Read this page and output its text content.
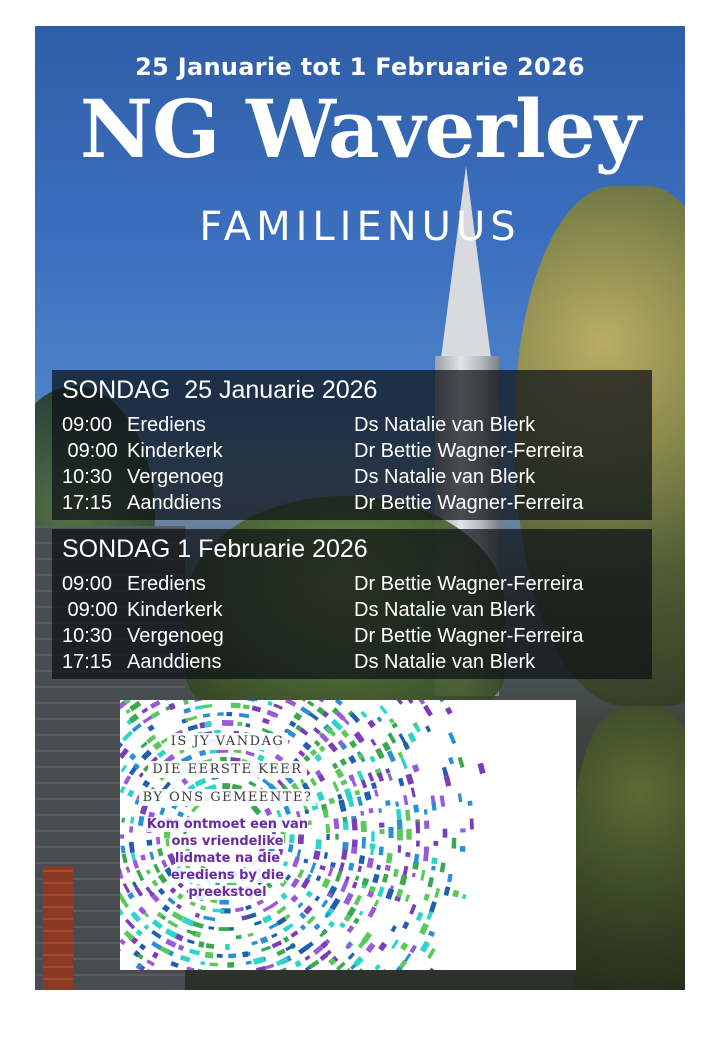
25 Januarie tot 1 Februarie 2026
NG Waverley
FAMILIENUUS
SONDAG  25 Januarie 2026
09:00 Erediens	Ds Natalie van Blerk
09:00 Kinderkerk	Dr Bettie Wagner-Ferreira
10:30 Vergenoeg	Ds Natalie van Blerk
17:15 Aanddiens	Dr Bettie Wagner-Ferreira
SONDAG 1 Februarie 2026
09:00 Erediens	Dr Bettie Wagner-Ferreira
09:00 Kinderkerk	Ds Natalie van Blerk
10:30 Vergenoeg	Dr Bettie Wagner-Ferreira
17:15 Aanddiens	Ds Natalie van Blerk
IS JY VANDAG
DIE EERSTE KEER
BY ONS GEMEENTE?
Kom ontmoet een van
ons vriendelike
lidmate na die
erediens by die
preekstoel
